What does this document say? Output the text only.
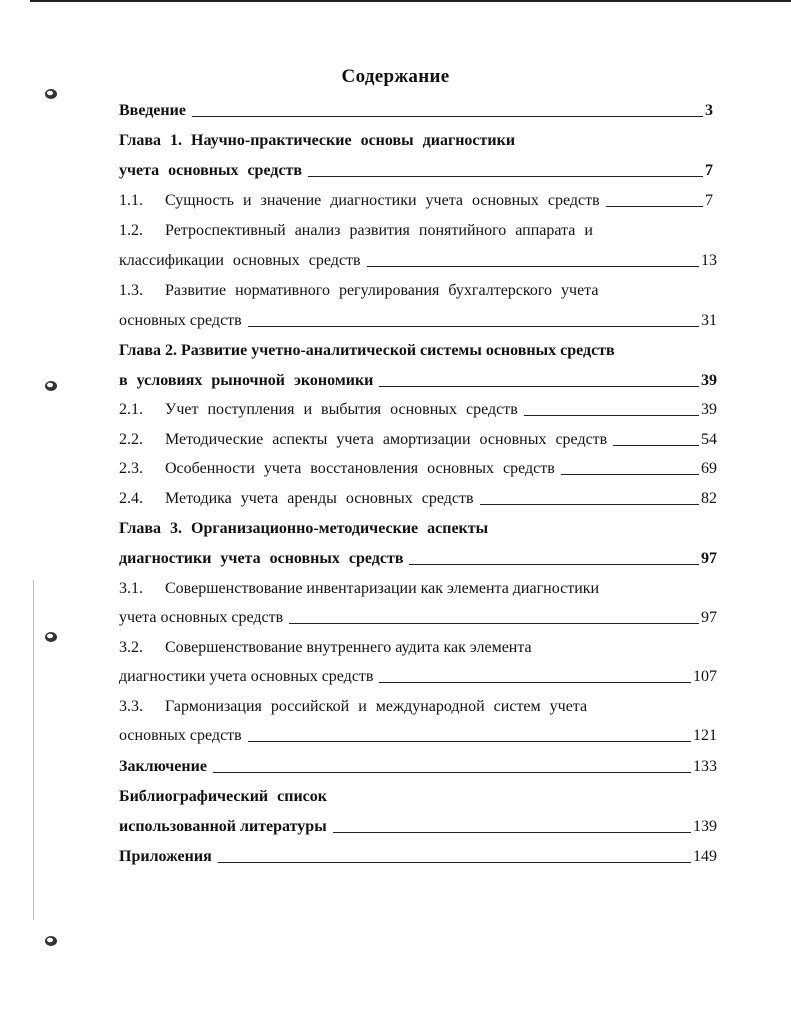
Содержание
Введение	3
Глава 1. Научно-практические основы диагностики
учета основных средств	7
1.1. Сущность и значение диагностики учета основных средств	7
1.2. Ретроспективный анализ развития понятийного аппарата и
классификации основных средств	13
1.3. Развитие нормативного регулирования бухгалтерского учета
основных средств	31
Глава 2. Развитие учетно-аналитической системы основных средств
в условиях рыночной экономики	39
2.1. Учет поступления и выбытия основных средств	39
2.2. Методические аспекты учета амортизации основных средств	54
2.3. Особенности учета восстановления основных средств	69
2.4. Методика учета аренды основных средств	82
Глава 3. Организационно-методические аспекты
диагностики учета основных средств	97
3.1. Совершенствование инвентаризации как элемента диагностики
учета основных средств	97
3.2. Совершенствование внутреннего аудита как элемента
диагностики учета основных средств	107
3.3. Гармонизация российской и международной систем учета
основных средств	121
Заключение	133
Библиографический список
использованной литературы	139
Приложения	149
